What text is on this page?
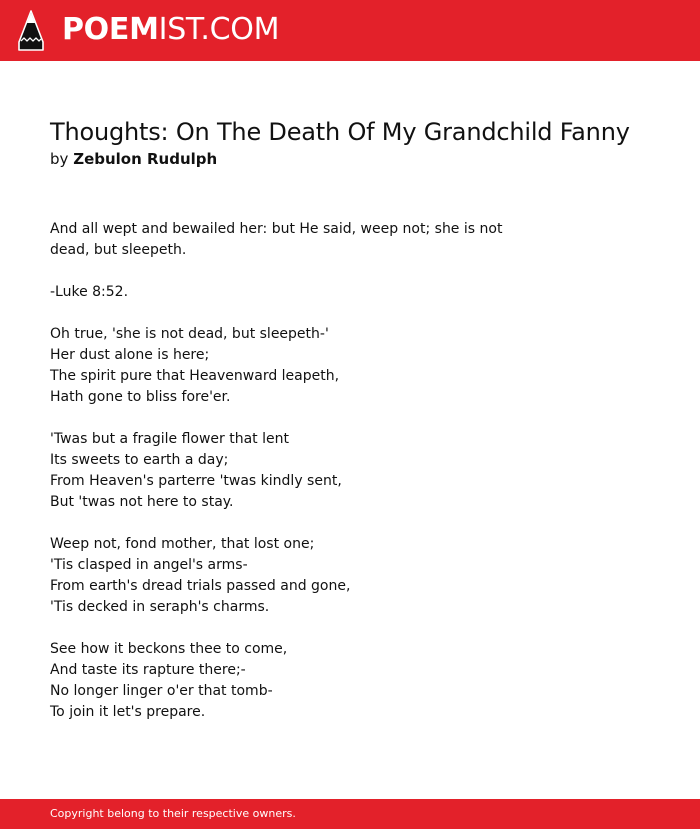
POEMIST.COM
Thoughts: On The Death Of My Grandchild Fanny
by Zebulon Rudulph
And all wept and bewailed her: but He said, weep not; she is not
dead, but sleepeth.
-Luke 8:52.
Oh true, 'she is not dead, but sleepeth-'
Her dust alone is here;
The spirit pure that Heavenward leapeth,
Hath gone to bliss fore'er.
'Twas but a fragile flower that lent
Its sweets to earth a day;
From Heaven's parterre 'twas kindly sent,
But 'twas not here to stay.
Weep not, fond mother, that lost one;
'Tis clasped in angel's arms-
From earth's dread trials passed and gone,
'Tis decked in seraph's charms.
See how it beckons thee to come,
And taste its rapture there;-
No longer linger o'er that tomb-
To join it let's prepare.
Copyright belong to their respective owners.
